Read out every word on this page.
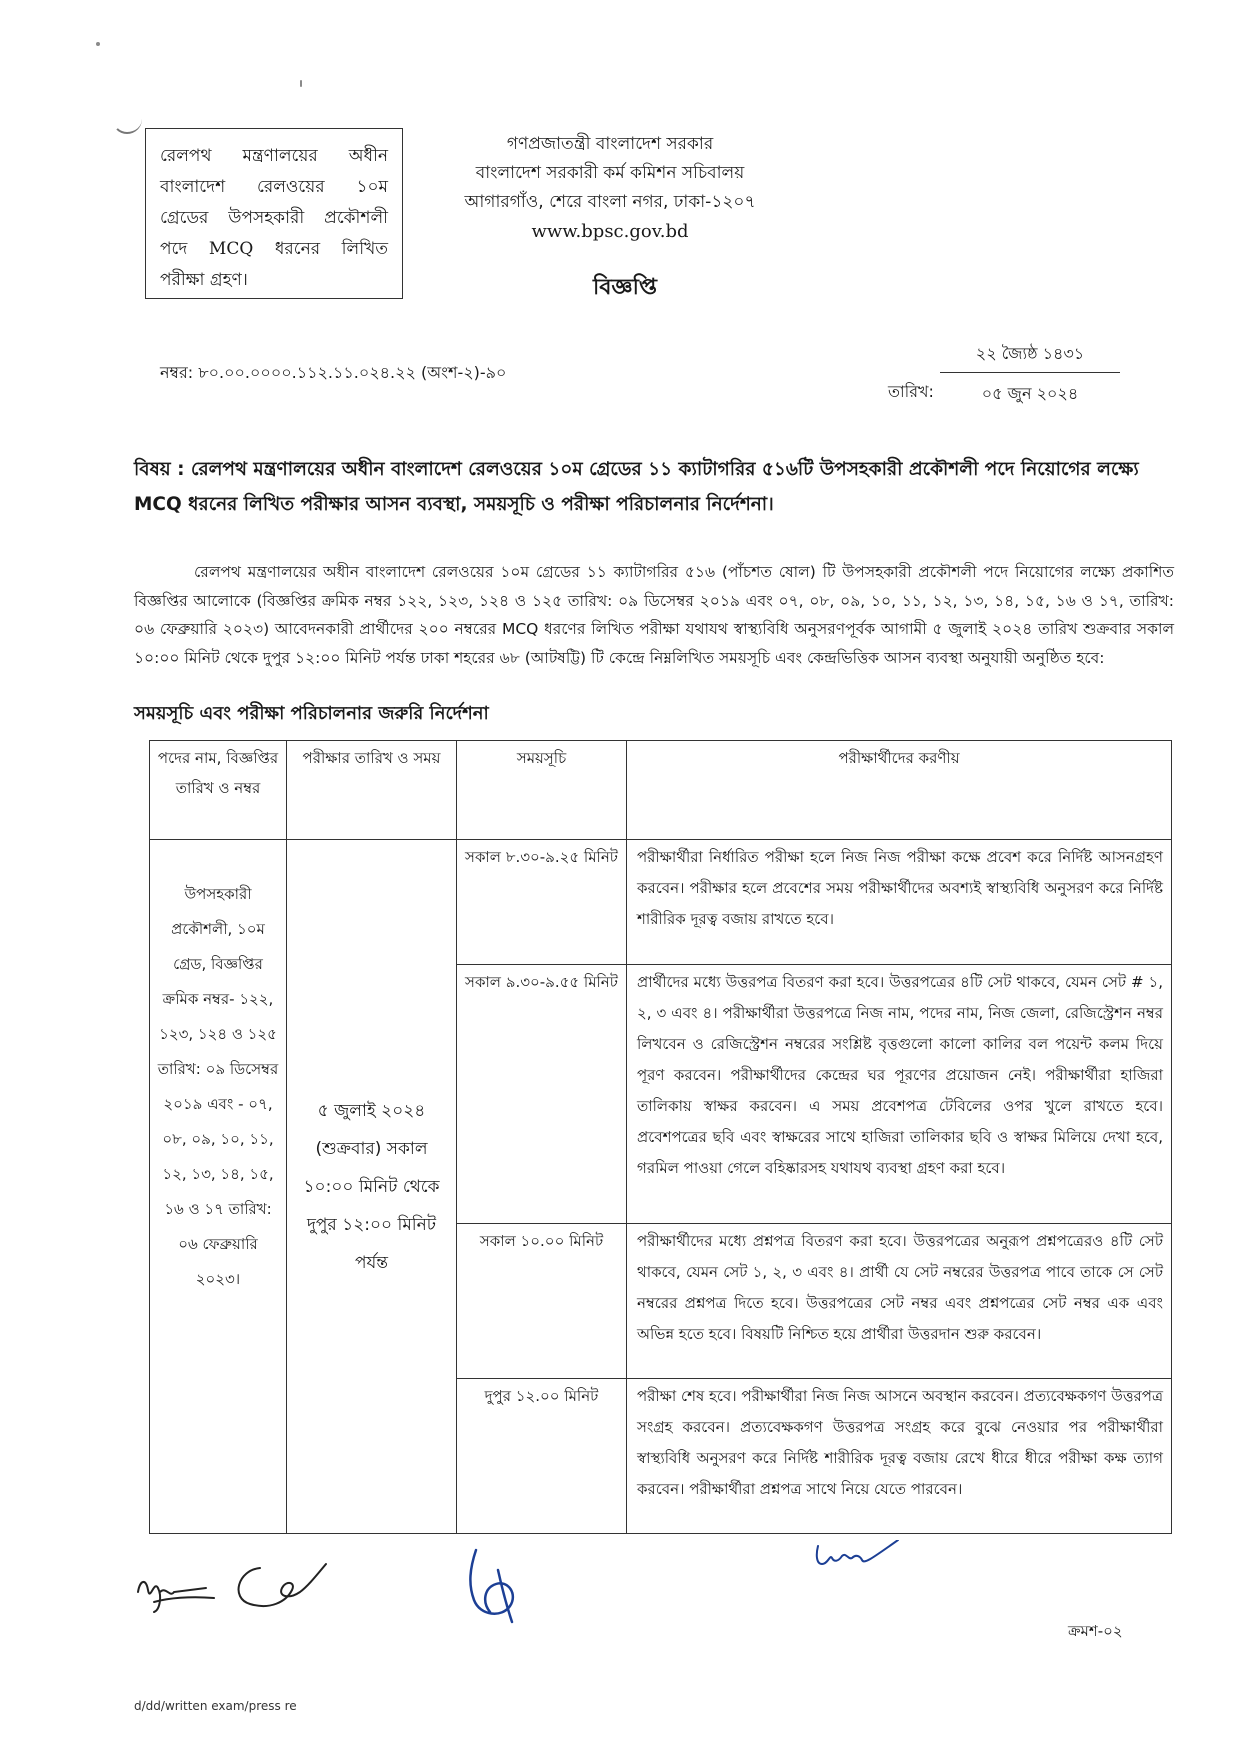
রেলপথ মন্ত্রণালয়ের অধীন বাংলাদেশ রেলওয়ের ১০ম গ্রেডের উপসহকারী প্রকৌশলী পদে MCQ ধরনের লিখিত পরীক্ষা গ্রহণ।
গণপ্রজাতন্ত্রী বাংলাদেশ সরকার
বাংলাদেশ সরকারী কর্ম কমিশন সচিবালয়
আগারগাঁও, শেরে বাংলা নগর, ঢাকা-১২০৭
www.bpsc.gov.bd
বিজ্ঞপ্তি
নম্বর: ৮০.০০.০০০০.১১২.১১.০২৪.২২ (অংশ-২)-৯০
২২ জ্যৈষ্ঠ ১৪৩১
তারিখ:	০৫ জুন ২০২৪
বিষয় : রেলপথ মন্ত্রণালয়ের অধীন বাংলাদেশ রেলওয়ের ১০ম গ্রেডের ১১ ক্যাটাগরির ৫১৬টি উপসহকারী প্রকৌশলী পদে নিয়োগের লক্ষ্যে MCQ ধরনের লিখিত পরীক্ষার আসন ব্যবস্থা, সময়সূচি ও পরীক্ষা পরিচালনার নির্দেশনা।
রেলপথ মন্ত্রণালয়ের অধীন বাংলাদেশ রেলওয়ের ১০ম গ্রেডের ১১ ক্যাটাগরির ৫১৬ (পাঁচশত ষোল) টি উপসহকারী প্রকৌশলী পদে নিয়োগের লক্ষ্যে প্রকাশিত বিজ্ঞপ্তির আলোকে (বিজ্ঞপ্তির ক্রমিক নম্বর ১২২, ১২৩, ১২৪ ও ১২৫ তারিখ: ০৯ ডিসেম্বর ২০১৯ এবং ০৭, ০৮, ০৯, ১০, ১১, ১২, ১৩, ১৪, ১৫, ১৬ ও ১৭, তারিখ: ০৬ ফেব্রুয়ারি ২০২৩) আবেদনকারী প্রার্থীদের ২০০ নম্বরের MCQ ধরণের লিখিত পরীক্ষা যথাযথ স্বাস্থ্যবিধি অনুসরণপূর্বক আগামী ৫ জুলাই ২০২৪ তারিখ শুক্রবার সকাল ১০:০০ মিনিট থেকে দুপুর ১২:০০ মিনিট পর্যন্ত ঢাকা শহরের ৬৮ (আটষট্টি) টি কেন্দ্রে নিম্নলিখিত সময়সূচি এবং কেন্দ্রভিত্তিক আসন ব্যবস্থা অনুযায়ী অনুষ্ঠিত হবে:
সময়সূচি এবং পরীক্ষা পরিচালনার জরুরি নির্দেশনা
পদের নাম, বিজ্ঞপ্তির তারিখ ও নম্বর	পরীক্ষার তারিখ ও সময়	সময়সূচি	পরীক্ষার্থীদের করণীয়
উপসহকারী প্রকৌশলী, ১০ম গ্রেড, বিজ্ঞপ্তির ক্রমিক নম্বর- ১২২, ১২৩, ১২৪ ও ১২৫ তারিখ: ০৯ ডিসেম্বর ২০১৯ এবং - ০৭, ০৮, ০৯, ১০, ১১, ১২, ১৩, ১৪, ১৫, ১৬ ও ১৭ তারিখ: ০৬ ফেব্রুয়ারি ২০২৩।	৫ জুলাই ২০২৪ (শুক্রবার) সকাল ১০:০০ মিনিট থেকে দুপুর ১২:০০ মিনিট পর্যন্ত	সকাল ৮.৩০-৯.২৫ মিনিট	পরীক্ষার্থীরা নির্ধারিত পরীক্ষা হলে নিজ নিজ পরীক্ষা কক্ষে প্রবেশ করে নির্দিষ্ট আসনগ্রহণ করবেন। পরীক্ষার হলে প্রবেশের সময় পরীক্ষার্থীদের অবশ্যই স্বাস্থ্যবিধি অনুসরণ করে নির্দিষ্ট শারীরিক দূরত্ব বজায় রাখতে হবে।
		সকাল ৯.৩০-৯.৫৫ মিনিট	প্রার্থীদের মধ্যে উত্তরপত্র বিতরণ করা হবে। উত্তরপত্রের ৪টি সেট থাকবে, যেমন সেট # ১, ২, ৩ এবং ৪। পরীক্ষার্থীরা উত্তরপত্রে নিজ নাম, পদের নাম, নিজ জেলা, রেজিস্ট্রেশন নম্বর লিখবেন ও রেজিস্ট্রেশন নম্বরের সংশ্লিষ্ট বৃত্তগুলো কালো কালির বল পয়েন্ট কলম দিয়ে পূরণ করবেন। পরীক্ষার্থীদের কেন্দ্রের ঘর পূরণের প্রয়োজন নেই। পরীক্ষার্থীরা হাজিরা তালিকায় স্বাক্ষর করবেন। এ সময় প্রবেশপত্র টেবিলের ওপর খুলে রাখতে হবে। প্রবেশপত্রের ছবি এবং স্বাক্ষরের সাথে হাজিরা তালিকার ছবি ও স্বাক্ষর মিলিয়ে দেখা হবে, গরমিল পাওয়া গেলে বহিষ্কারসহ যথাযথ ব্যবস্থা গ্রহণ করা হবে।
		সকাল ১০.০০ মিনিট	পরীক্ষার্থীদের মধ্যে প্রশ্নপত্র বিতরণ করা হবে। উত্তরপত্রের অনুরূপ প্রশ্নপত্রেরও ৪টি সেট থাকবে, যেমন সেট ১, ২, ৩ এবং ৪। প্রার্থী যে সেট নম্বরের উত্তরপত্র পাবে তাকে সে সেট নম্বরের প্রশ্নপত্র দিতে হবে। উত্তরপত্রের সেট নম্বর এবং প্রশ্নপত্রের সেট নম্বর এক এবং অভিন্ন হতে হবে। বিষয়টি নিশ্চিত হয়ে প্রার্থীরা উত্তরদান শুরু করবেন।
		দুপুর ১২.০০ মিনিট	পরীক্ষা শেষ হবে। পরীক্ষার্থীরা নিজ নিজ আসনে অবস্থান করবেন। প্রত্যবেক্ষকগণ উত্তরপত্র সংগ্রহ করবেন। প্রত্যবেক্ষকগণ উত্তরপত্র সংগ্রহ করে বুঝে নেওয়ার পর পরীক্ষার্থীরা স্বাস্থ্যবিধি অনুসরণ করে নির্দিষ্ট শারীরিক দূরত্ব বজায় রেখে ধীরে ধীরে পরীক্ষা কক্ষ ত্যাগ করবেন। পরীক্ষার্থীরা প্রশ্নপত্র সাথে নিয়ে যেতে পারবেন।
ক্রমশ-০২
d/dd/written exam/press re
